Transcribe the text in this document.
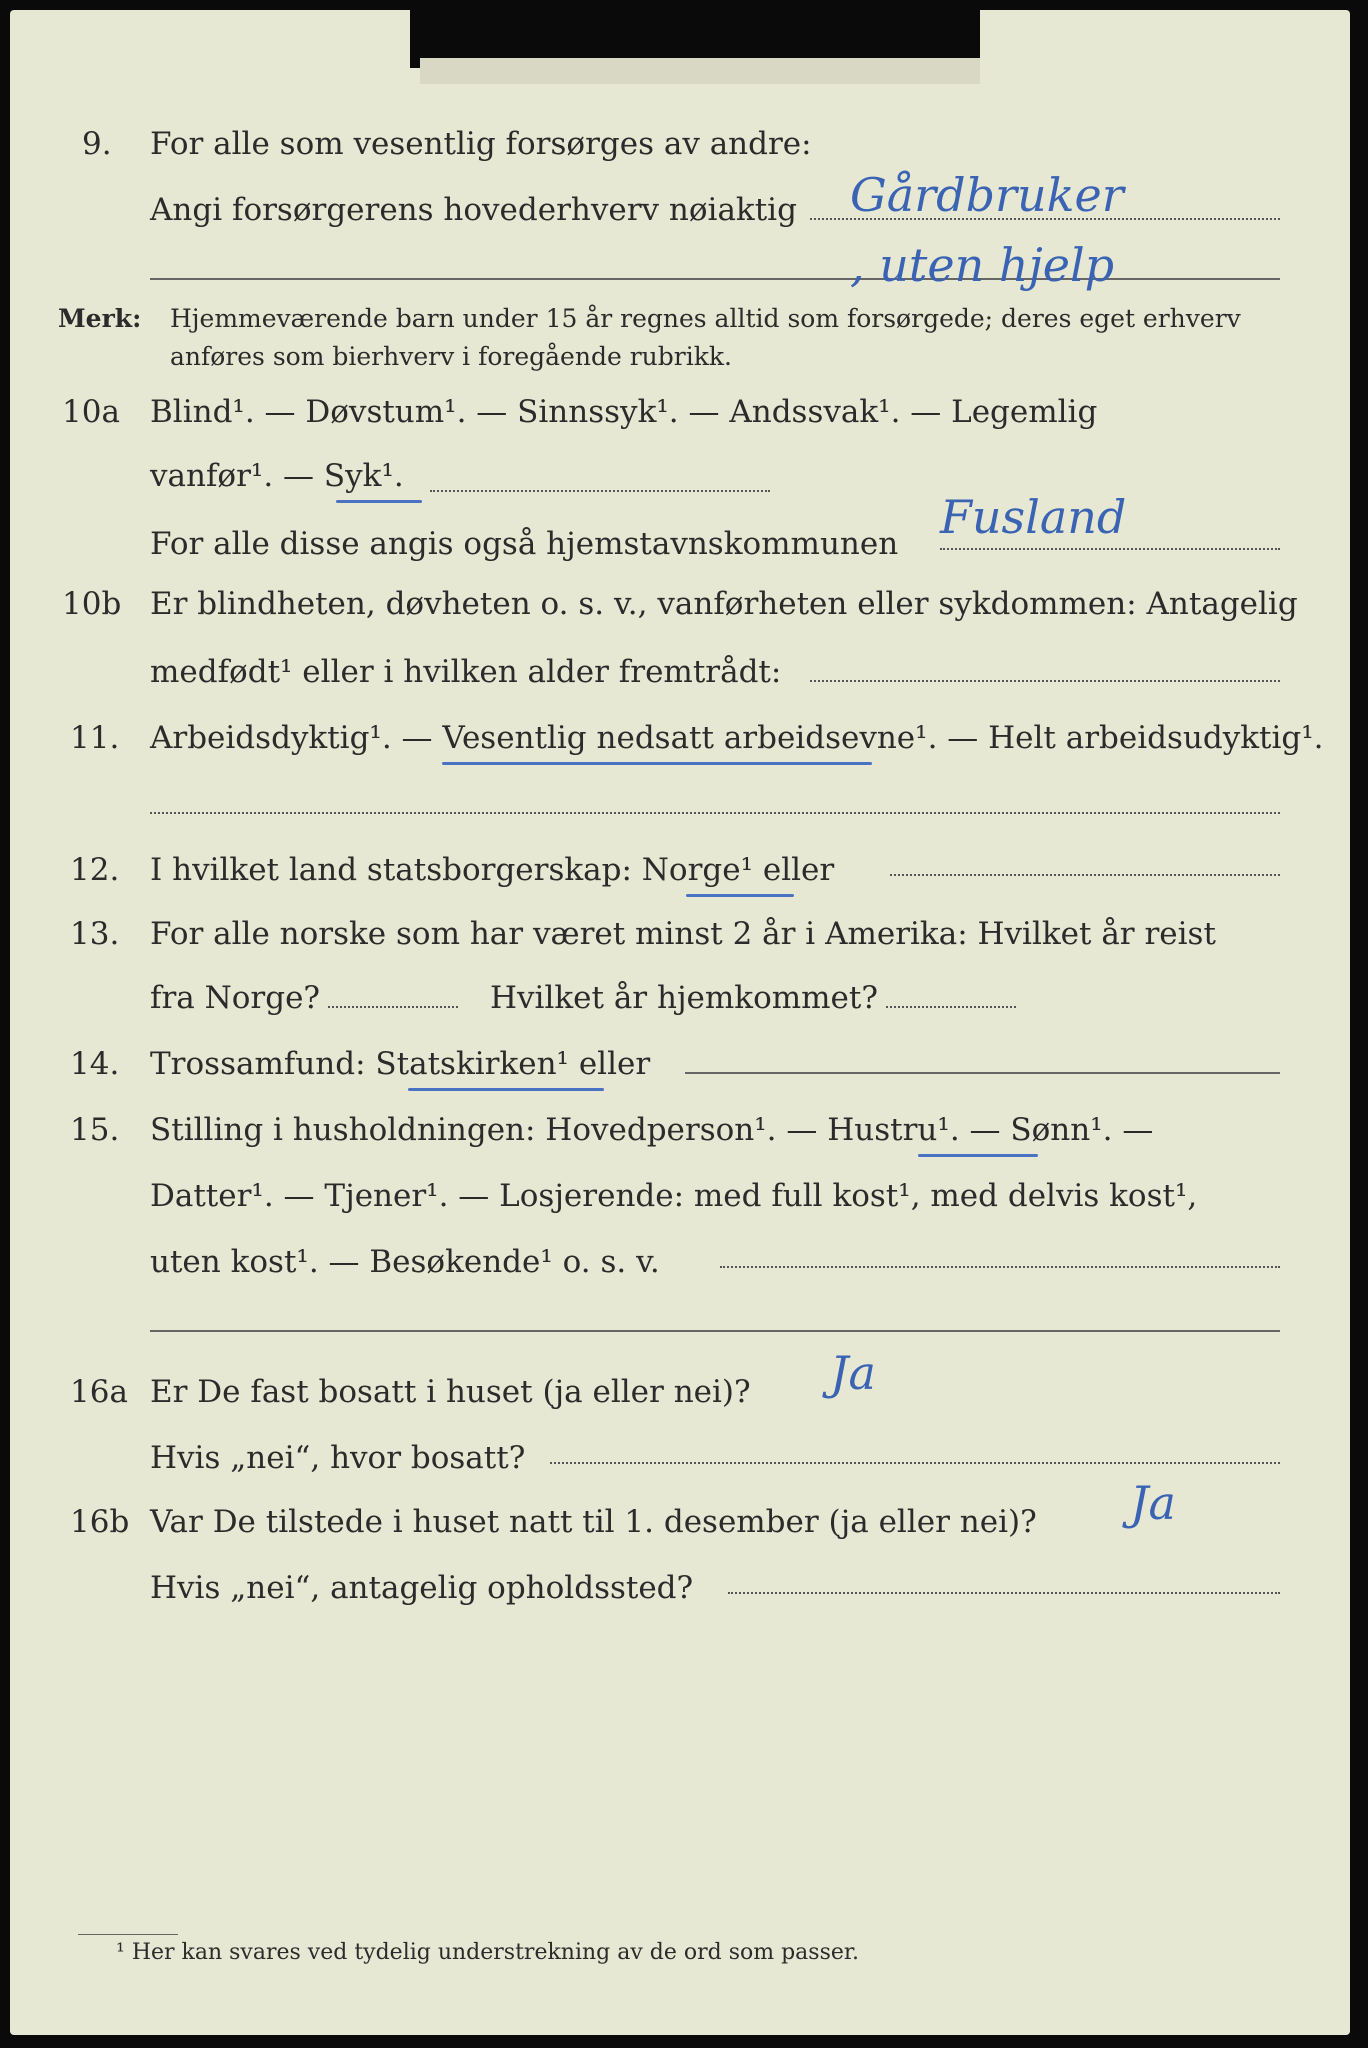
9. For alle som vesentlig forsørges av andre:
Angi forsørgerens hovederhverv nøiaktig Gårdbruker
, uten hjelp
Merk: Hjemmeværende barn under 15 år regnes alltid som forsørgede; deres eget erhverv
anføres som bierhverv i foregående rubrikk.
10a Blind¹. — Døvstum¹. — Sinnssyk¹. — Andssvak¹. — Legemlig
vanfør¹. — Syk¹.
For alle disse angis også hjemstavnskommunen Fusland
10b Er blindheten, døvheten o. s. v., vanførheten eller sykdommen: Antagelig
medfødt¹ eller i hvilken alder fremtrådt:
11. Arbeidsdyktig¹. — Vesentlig nedsatt arbeidsevne¹. — Helt arbeidsudyktig¹.
12. I hvilket land statsborgerskap: Norge¹ eller
13. For alle norske som har været minst 2 år i Amerika: Hvilket år reist
fra Norge?	Hvilket år hjemkommet?
14. Trossamfund: Statskirken¹ eller
15. Stilling i husholdningen: Hovedperson¹. — Hustru¹. — Sønn¹. —
Datter¹. — Tjener¹. — Losjerende: med full kost¹, med delvis kost¹,
uten kost¹. — Besøkende¹ o. s. v.
16a Er De fast bosatt i huset (ja eller nei)? Ja
Hvis „nei“, hvor bosatt?
16b Var De tilstede i huset natt til 1. desember (ja eller nei)? Ja
Hvis „nei“, antagelig opholdssted?
¹ Her kan svares ved tydelig understrekning av de ord som passer.
